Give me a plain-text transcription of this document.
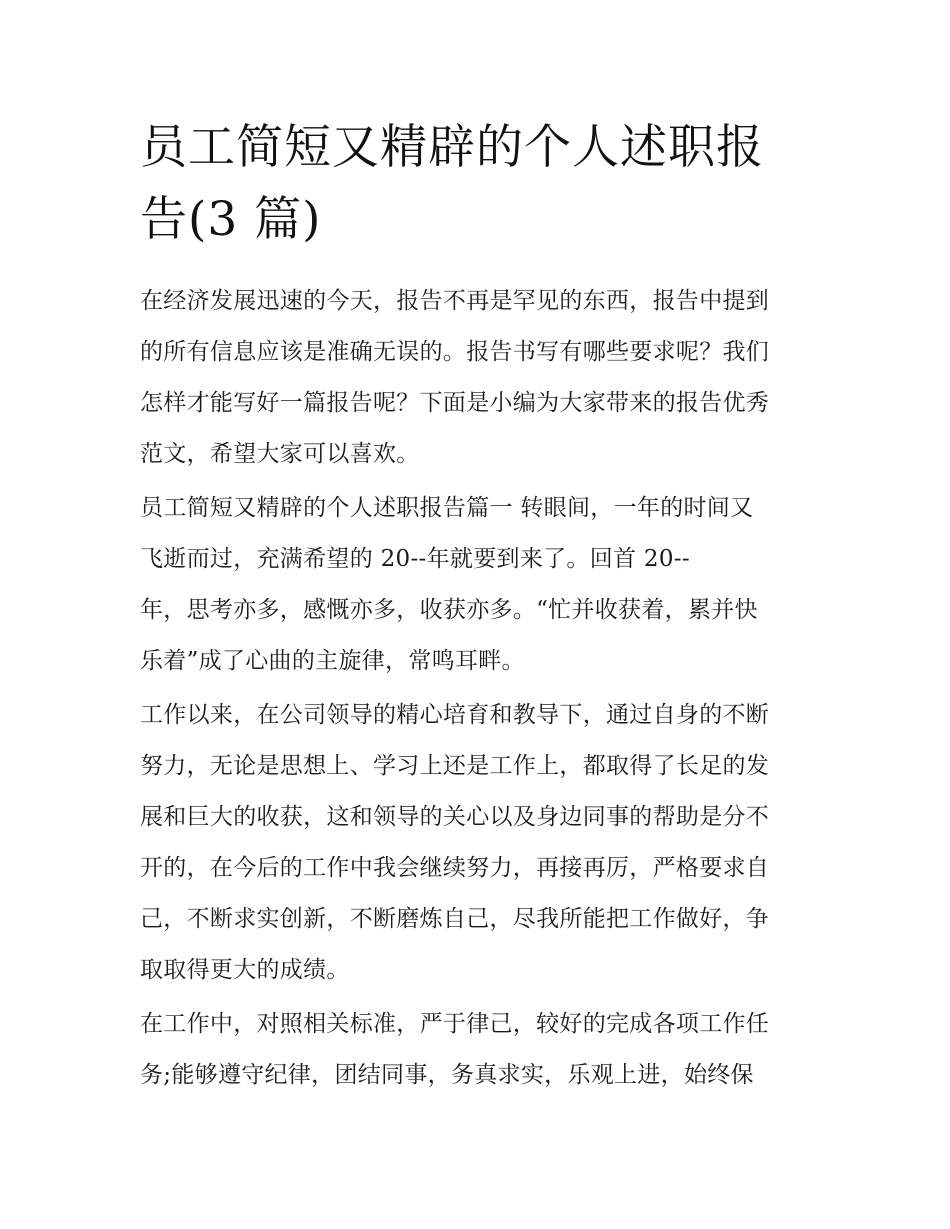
员工简短又精辟的个人述职报
告(3 篇)

在经济发展迅速的今天，报告不再是罕见的东西，报告中提到
的所有信息应该是准确无误的。报告书写有哪些要求呢？我们
怎样才能写好一篇报告呢？下面是小编为大家带来的报告优秀
范文，希望大家可以喜欢。

员工简短又精辟的个人述职报告篇一 转眼间，一年的时间又
飞逝而过，充满希望的 20--年就要到来了。回首 20--
年，思考亦多，感慨亦多，收获亦多。“忙并收获着，累并快
乐着”成了心曲的主旋律，常鸣耳畔。

工作以来，在公司领导的精心培育和教导下，通过自身的不断
努力，无论是思想上、学习上还是工作上，都取得了长足的发
展和巨大的收获，这和领导的关心以及身边同事的帮助是分不
开的，在今后的工作中我会继续努力，再接再厉，严格要求自
己，不断求实创新，不断磨炼自己，尽我所能把工作做好，争
取取得更大的成绩。

在工作中，对照相关标准，严于律己，较好的完成各项工作任
务;能够遵守纪律，团结同事，务真求实，乐观上进，始终保
